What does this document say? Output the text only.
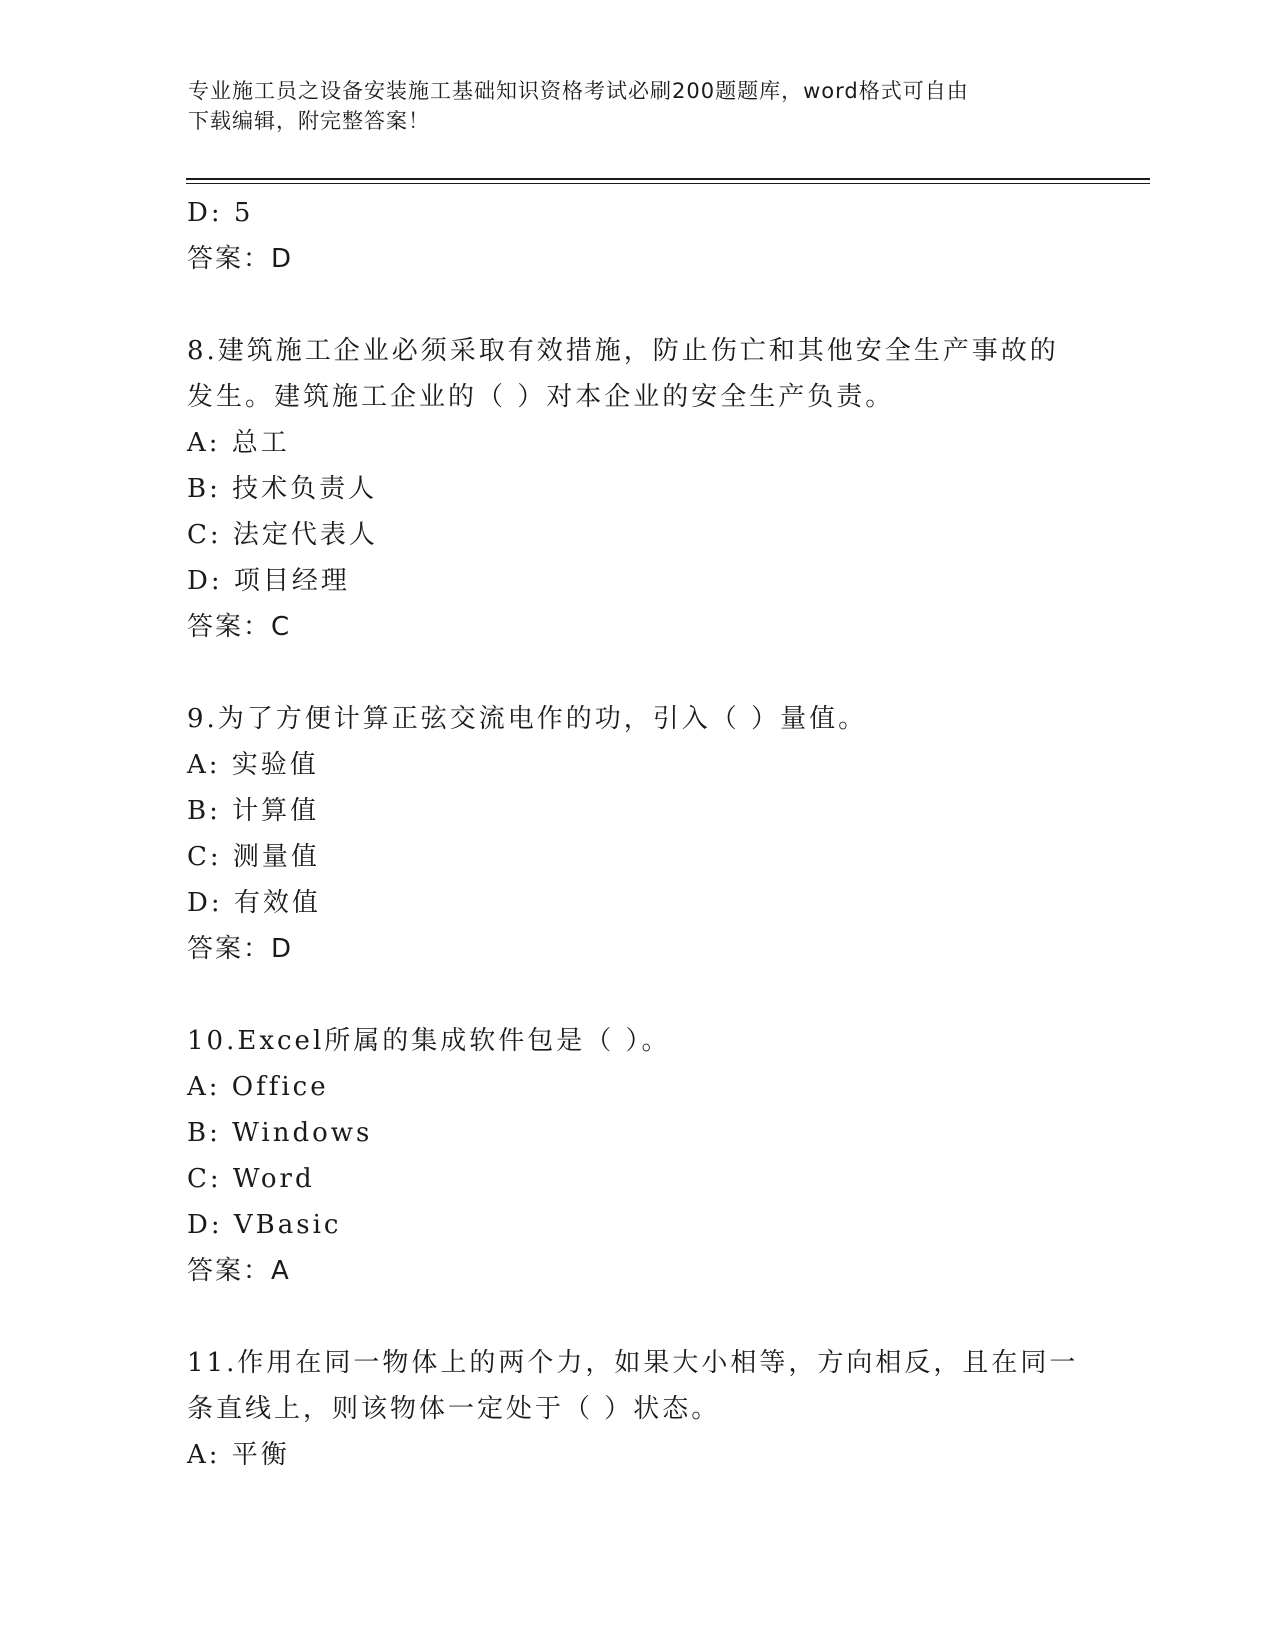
专业施工员之设备安装施工基础知识资格考试必刷200题题库，word格式可自由
下载编辑，附完整答案！
D: 5
答案：D
8.建筑施工企业必须采取有效措施，防止伤亡和其他安全生产事故的
发生。建筑施工企业的（ ）对本企业的安全生产负责。
A: 总工
B: 技术负责人
C: 法定代表人
D: 项目经理
答案：C
9.为了方便计算正弦交流电作的功，引入（ ）量值。
A: 实验值
B: 计算值
C: 测量值
D: 有效值
答案：D
10.Excel所属的集成软件包是（ ）。
A: Office
B: Windows
C: Word
D: VBasic
答案：A
11.作用在同一物体上的两个力，如果大小相等，方向相反，且在同一
条直线上，则该物体一定处于（ ）状态。
A: 平衡
